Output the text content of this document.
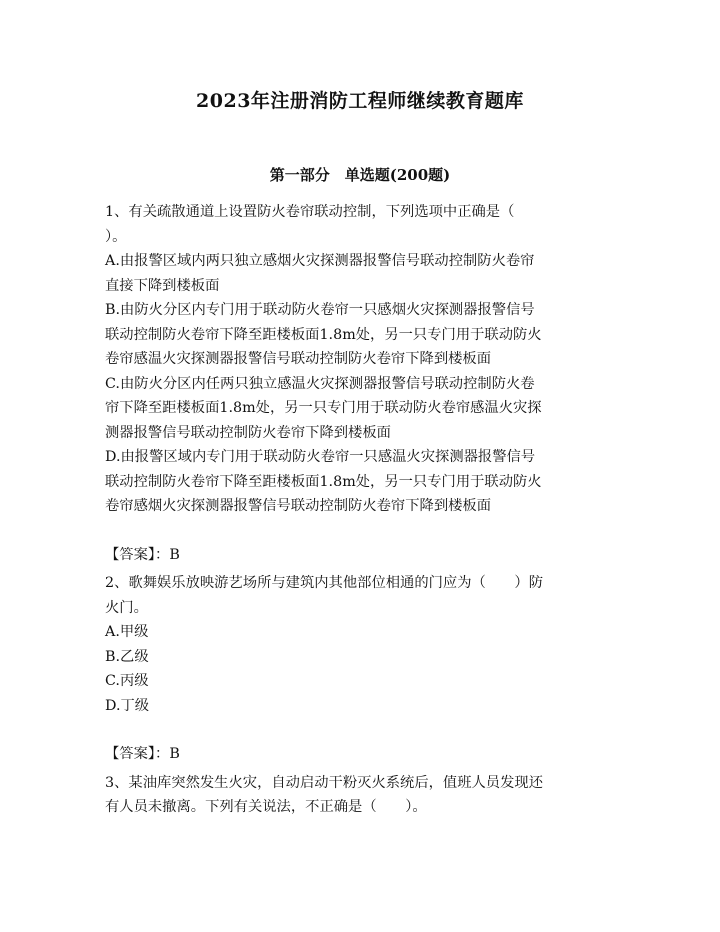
2023年注册消防工程师继续教育题库
第一部分　单选题(200题)
1、有关疏散通道上设置防火卷帘联动控制，下列选项中正确是（
）。
A.由报警区域内两只独立感烟火灾探测器报警信号联动控制防火卷帘
直接下降到楼板面
B.由防火分区内专门用于联动防火卷帘一只感烟火灾探测器报警信号
联动控制防火卷帘下降至距楼板面1.8m处，另一只专门用于联动防火
卷帘感温火灾探测器报警信号联动控制防火卷帘下降到楼板面
C.由防火分区内任两只独立感温火灾探测器报警信号联动控制防火卷
帘下降至距楼板面1.8m处，另一只专门用于联动防火卷帘感温火灾探
测器报警信号联动控制防火卷帘下降到楼板面
D.由报警区域内专门用于联动防火卷帘一只感温火灾探测器报警信号
联动控制防火卷帘下降至距楼板面1.8m处，另一只专门用于联动防火
卷帘感烟火灾探测器报警信号联动控制防火卷帘下降到楼板面
【答案】：B
2、歌舞娱乐放映游艺场所与建筑内其他部位相通的门应为（　　）防
火门。
A.甲级
B.乙级
C.丙级
D.丁级
【答案】：B
3、某油库突然发生火灾，自动启动干粉灭火系统后，值班人员发现还
有人员未撤离。下列有关说法，不正确是（　　）。
